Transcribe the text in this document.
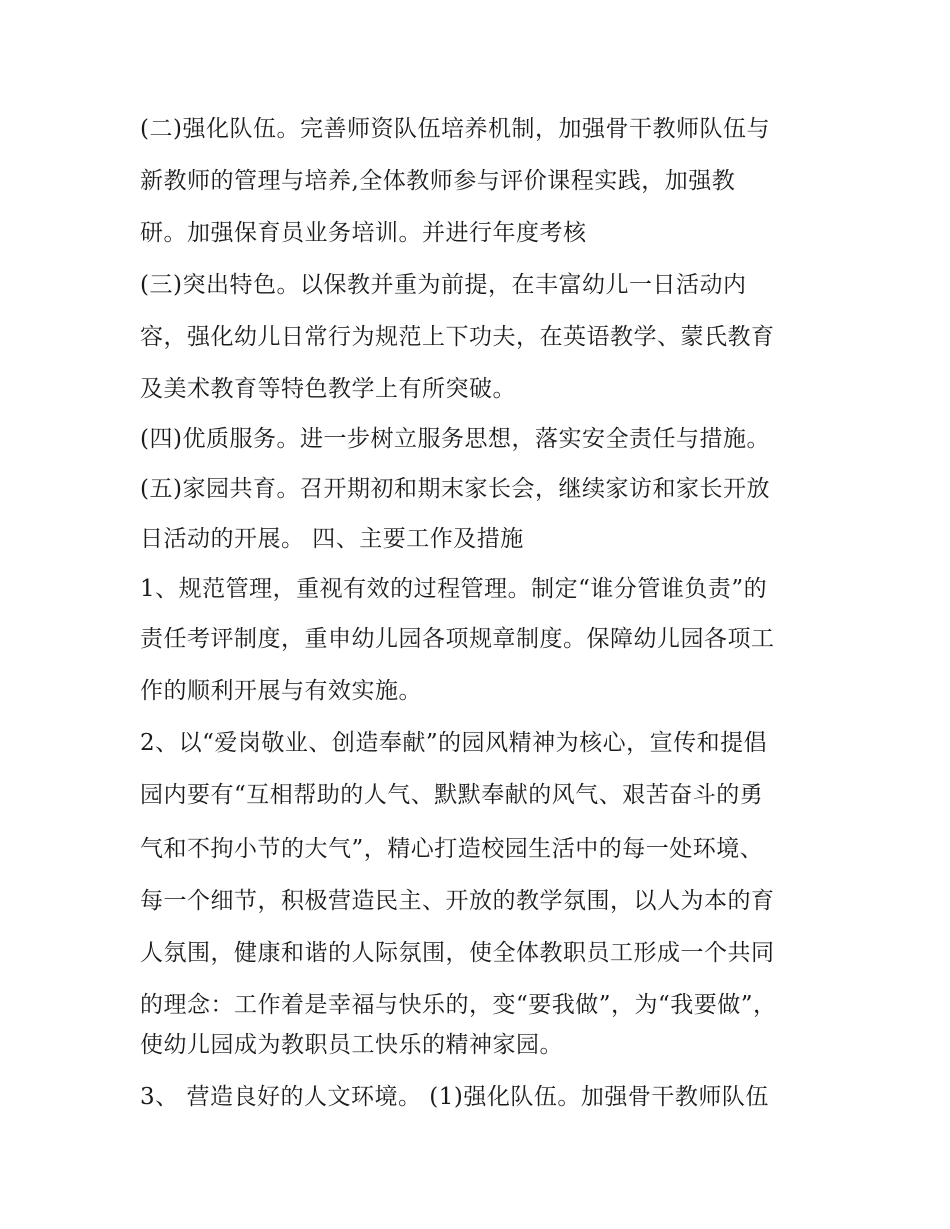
(二)强化队伍。完善师资队伍培养机制，加强骨干教师队伍与
新教师的管理与培养,全体教师参与评价课程实践，加强教
研。加强保育员业务培训。并进行年度考核
(三)突出特色。以保教并重为前提，在丰富幼儿一日活动内
容，强化幼儿日常行为规范上下功夫，在英语教学、蒙氏教育
及美术教育等特色教学上有所突破。
(四)优质服务。进一步树立服务思想，落实安全责任与措施。
(五)家园共育。召开期初和期末家长会，继续家访和家长开放
日活动的开展。 四、主要工作及措施
1、规范管理，重视有效的过程管理。制定“谁分管谁负责”的
责任考评制度，重申幼儿园各项规章制度。保障幼儿园各项工
作的顺利开展与有效实施。
2、以“爱岗敬业、创造奉献”的园风精神为核心，宣传和提倡
园内要有“互相帮助的人气、默默奉献的风气、艰苦奋斗的勇
气和不拘小节的大气”，精心打造校园生活中的每一处环境、
每一个细节，积极营造民主、开放的教学氛围，以人为本的育
人氛围，健康和谐的人际氛围，使全体教职员工形成一个共同
的理念：工作着是幸福与快乐的，变“要我做”，为“我要做”，
使幼儿园成为教职员工快乐的精神家园。
3、 营造良好的人文环境。 (1)强化队伍。加强骨干教师队伍
